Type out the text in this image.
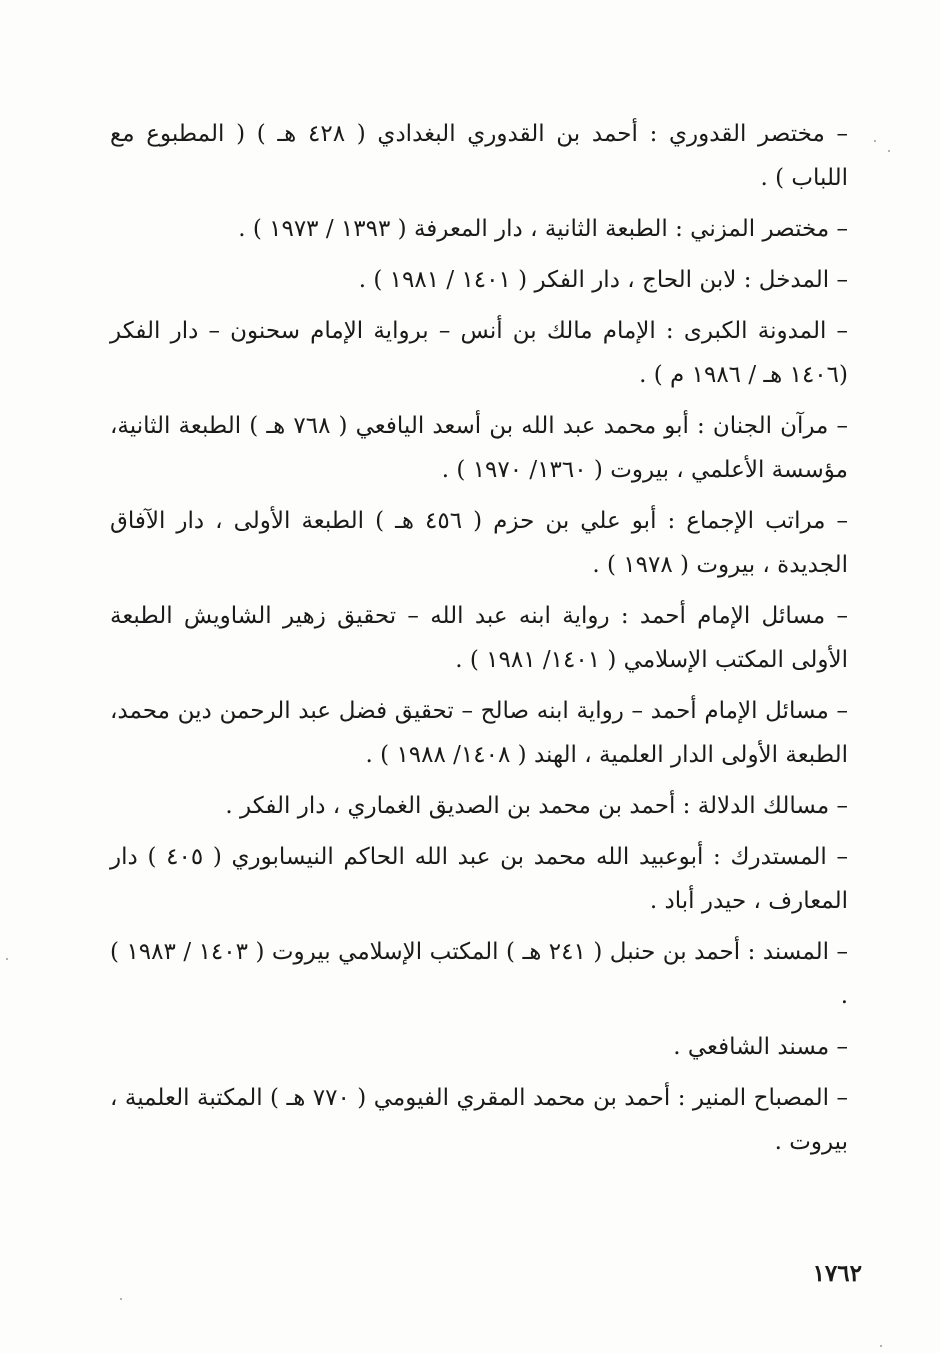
– مختصر القدوري : أحمد بن القدوري البغدادي ( ٤٢٨ هـ ) ( المطبوع مع اللباب ) .
– مختصر المزني : الطبعة الثانية ، دار المعرفة ( ١٣٩٣ / ١٩٧٣ ) .
– المدخل : لابن الحاج ، دار الفكر ( ١٤٠١ / ١٩٨١ ) .
– المدونة الكبرى : الإمام مالك بن أنس – برواية الإمام سحنون – دار الفكر (١٤٠٦ هـ / ١٩٨٦ م ) .
– مرآن الجنان : أبو محمد عبد الله بن أسعد اليافعي ( ٧٦٨ هـ ) الطبعة الثانية، مؤسسة الأعلمي ، بيروت ( ١٣٦٠/ ١٩٧٠ ) .
– مراتب الإجماع : أبو علي بن حزم ( ٤٥٦ هـ ) الطبعة الأولى ، دار الآفاق الجديدة ، بيروت ( ١٩٧٨ ) .
– مسائل الإمام أحمد : رواية ابنه عبد الله – تحقيق زهير الشاويش الطبعة الأولى المكتب الإسلامي ( ١٤٠١/ ١٩٨١ ) .
– مسائل الإمام أحمد – رواية ابنه صالح – تحقيق فضل عبد الرحمن دين محمد، الطبعة الأولى الدار العلمية ، الهند ( ١٤٠٨/ ١٩٨٨ ) .
– مسالك الدلالة : أحمد بن محمد بن الصديق الغماري ، دار الفكر .
– المستدرك : أبوعبيد الله محمد بن عبد الله الحاكم النيسابوري ( ٤٠٥ ) دار المعارف ، حيدر أباد .
– المسند : أحمد بن حنبل ( ٢٤١ هـ ) المكتب الإسلامي بيروت ( ١٤٠٣ / ١٩٨٣ ) .
– مسند الشافعي .
– المصباح المنير : أحمد بن محمد المقري الفيومي ( ٧٧٠ هـ ) المكتبة العلمية ، بيروت .
١٧٦٢
